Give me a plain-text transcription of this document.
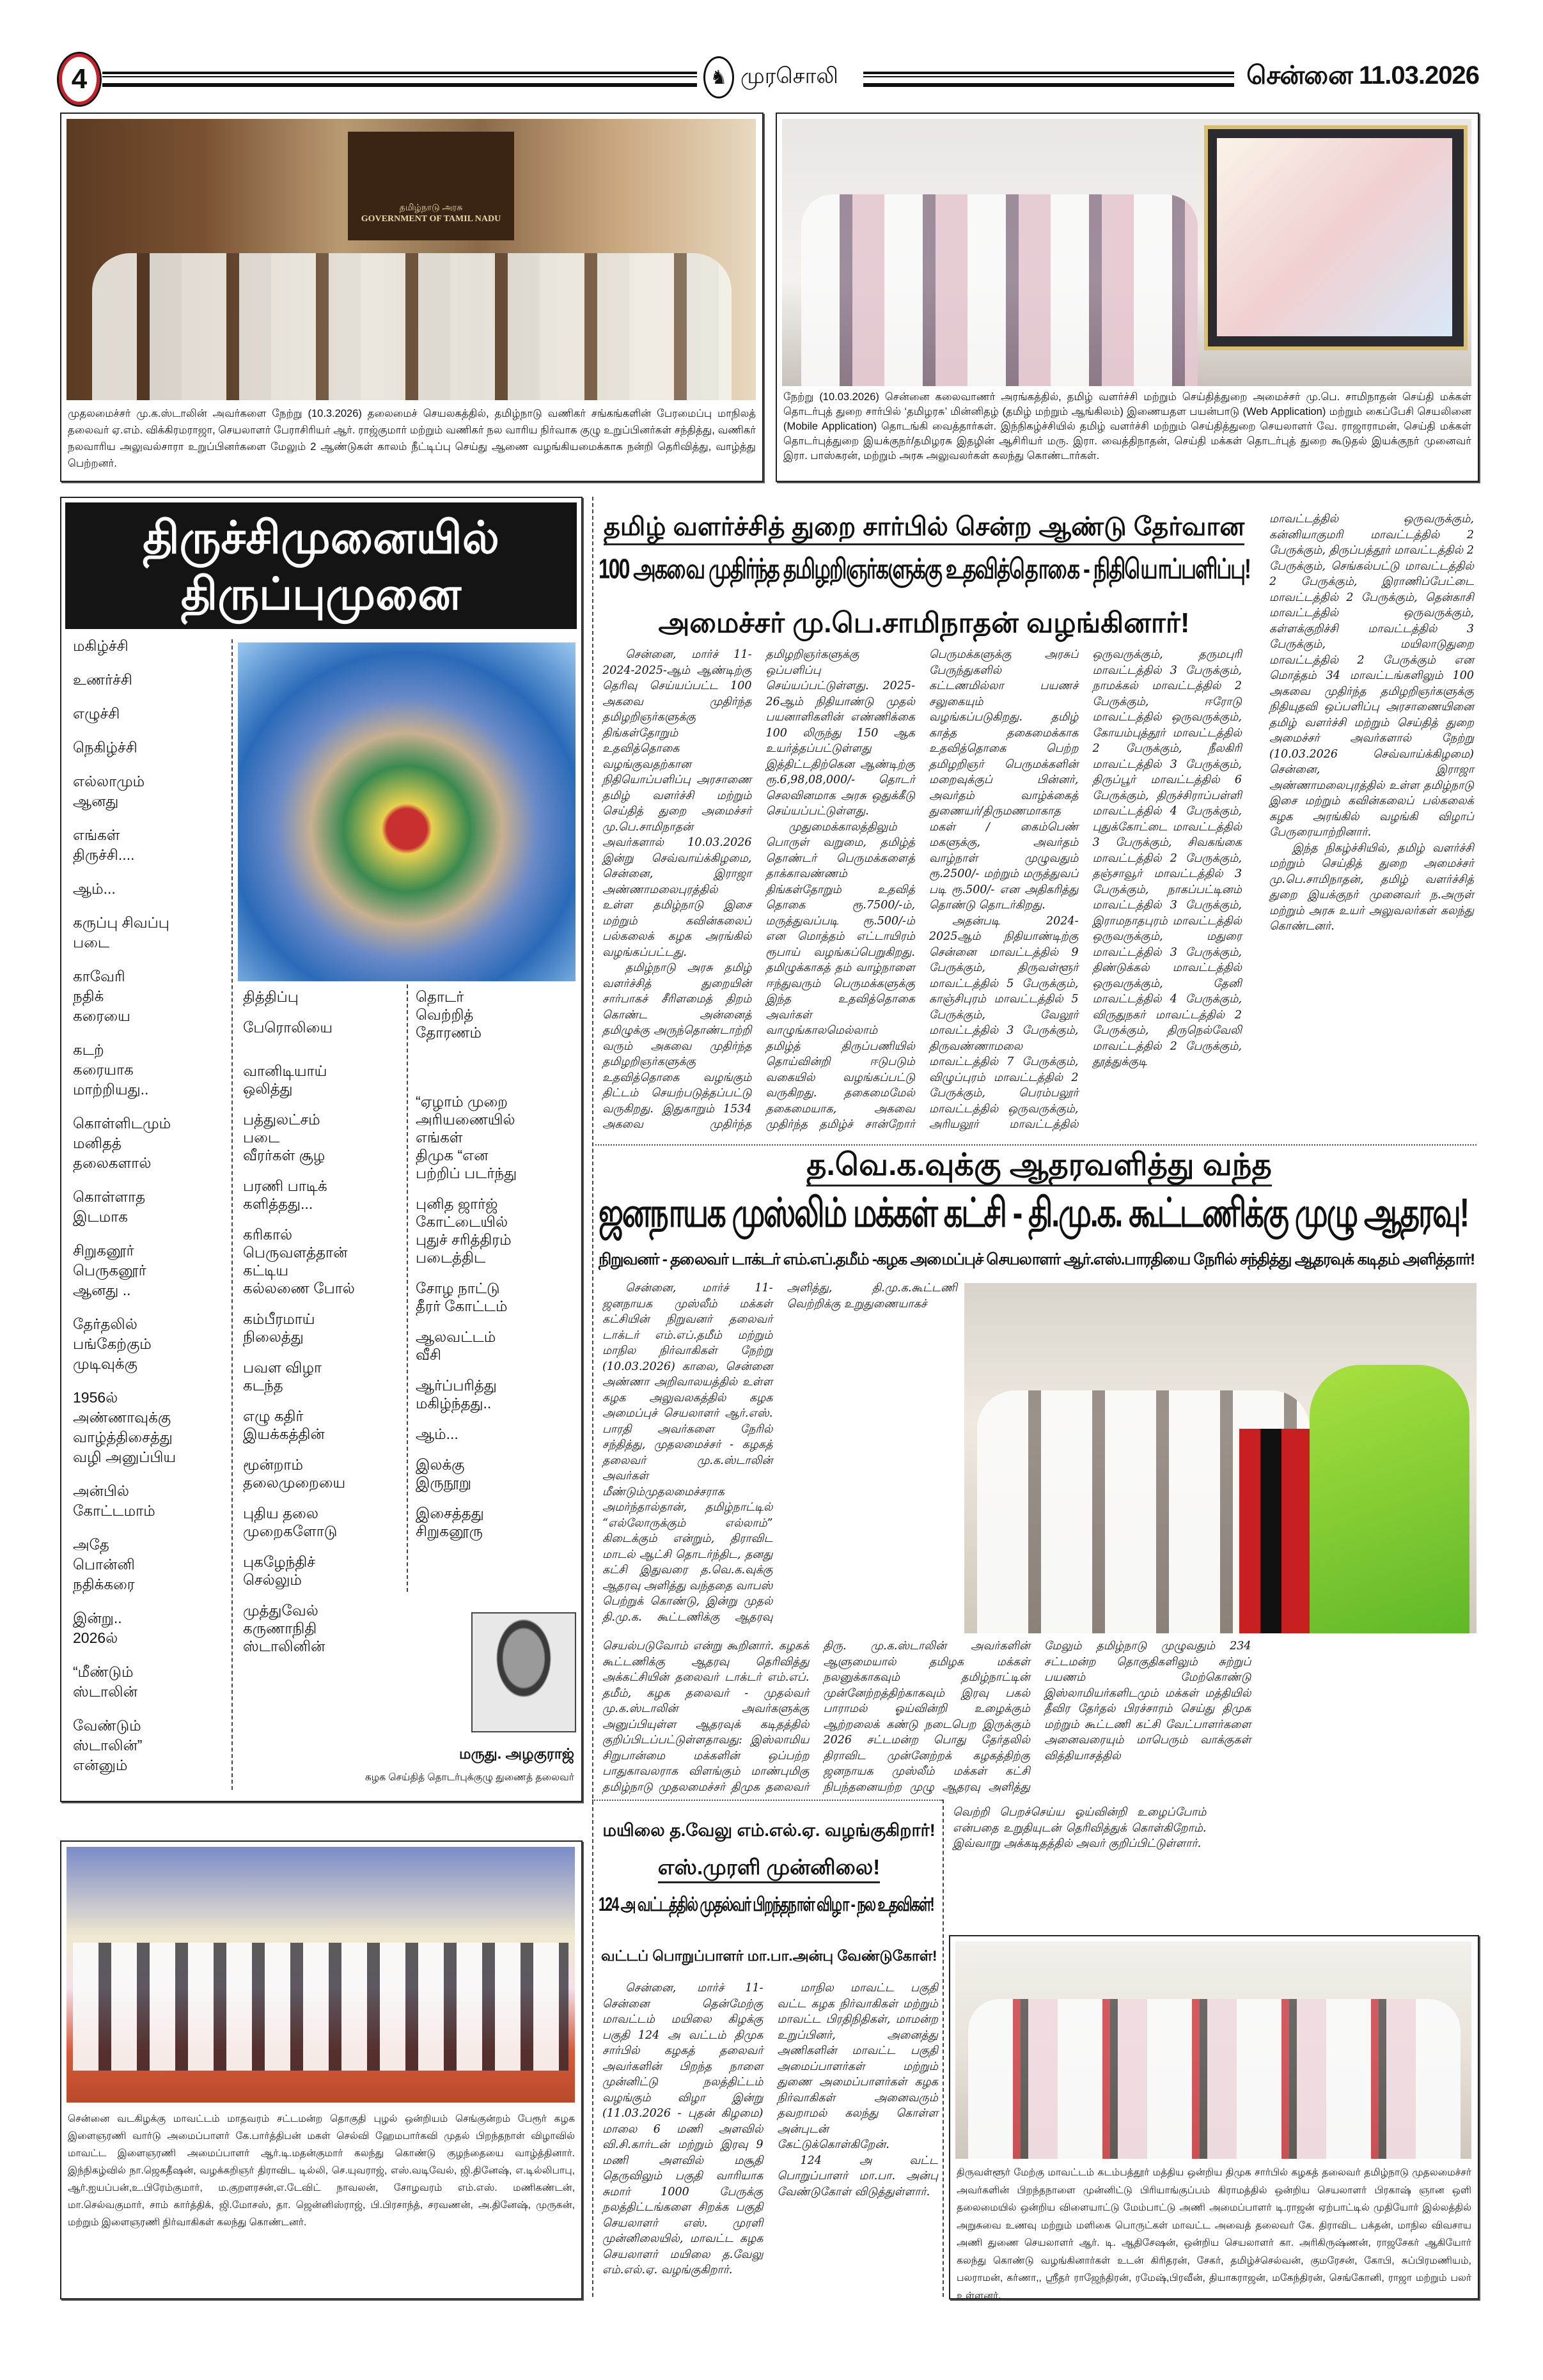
4	♞ முரசொலி	சென்னை 11.03.2026
தமிழ்நாடு அரசு
GOVERNMENT OF TAMIL NADU
முதலமைச்சர் மு.க.ஸ்டாலின் அவர்களை நேற்று (10.3.2026) தலைமைச் செயலகத்தில், தமிழ்நாடு வணிகர் சங்கங்களின் பேரமைப்பு மாநிலத் தலைவர் ஏ.எம். விக்கிரமராஜா, செயலாளர் பேராசிரியர் ஆர். ராஜ்குமார் மற்றும் வணிகர் நல வாரிய நிர்வாக குழு உறுப்பினர்கள் சந்தித்து, வணிகர் நலவாரிய அலுவல்சாரா உறுப்பினர்களை மேலும் 2 ஆண்டுகள் காலம் நீட்டிப்பு செய்து ஆணை வழங்கியமைக்காக நன்றி தெரிவித்து, வாழ்த்து பெற்றனர்.
நேற்று (10.03.2026) சென்னை கலைவாணர் அரங்கத்தில், தமிழ் வளர்ச்சி மற்றும் செய்தித்துறை அமைச்சர் மு.பெ. சாமிநாதன் செய்தி மக்கள் தொடர்புத் துறை சார்பில் ‘தமிழரசு’ மின்னிதழ் (தமிழ் மற்றும் ஆங்கிலம்) இணையதள பயன்பாடு (Web Application) மற்றும் கைப்பேசி செயலினை (Mobile Application) தொடங்கி வைத்தார்கள். இந்நிகழ்ச்சியில் தமிழ் வளர்ச்சி மற்றும் செய்தித்துறை செயலாளர் வே. ராஜாராமன், செய்தி மக்கள் தொடர்புத்துறை இயக்குநர்/தமிழரசு இதழின் ஆசிரியர் மரு. இரா. வைத்திநாதன், செய்தி மக்கள் தொடர்புத் துறை கூடுதல் இயக்குநர் முனைவர் இரா. பாஸ்கரன், மற்றும் அரசு அலுவலர்கள் கலந்து கொண்டார்கள்.
திருச்சிமுனையில்
திருப்புமுனை

மகிழ்ச்சி

உணர்ச்சி

எழுச்சி

நெகிழ்ச்சி

எல்லாமும்
ஆனது

எங்கள்
திருச்சி....

ஆம்...

கருப்பு சிவப்பு
படை

காவேரி
நதிக்
கரையை

கடற்
கரையாக
மாற்றியது..

கொள்ளிடமும்
மனிதத்
தலைகளால்

கொள்ளாத
இடமாக

சிறுகனூர்
பெருகனூர்
ஆனது ..

தேர்தலில்
பங்கேற்கும்
முடிவுக்கு

1956ல்
அண்ணாவுக்கு
வாழ்த்திசைத்து
வழி அனுப்பிய

அன்பில்
கோட்டமாம்

அதே
பொன்னி
நதிக்கரை

இன்று..
2026ல்

“மீண்டும்
ஸ்டாலின்

வேண்டும்
ஸ்டாலின்”
என்னும்

தித்திப்பு

பேரொலியை

வானிடியாய்
ஒலித்து

பத்துலட்சம்
படை
வீரர்கள் சூழ

பரணி பாடிக்
களித்தது...

கரிகால்
பெருவளத்தான்
கட்டிய
கல்லணை போல்

கம்பீரமாய்
நிலைத்து

பவள விழா
கடந்த

எழு கதிர்
இயக்கத்தின்

மூன்றாம்
தலைமுறையை

புதிய தலை
முறைகளோடு

புகழேந்திச்
செல்லும்

முத்துவேல்
கருணாநிதி
ஸ்டாலினின்

தொடர்
வெற்றித்
தோரணம்

“ஏழாம் முறை
அரியணையில்
எங்கள்
திமுக “என
பற்றிப் படர்ந்து

புனித ஜார்ஜ்
கோட்டையில்
புதுச் சரித்திரம்
படைத்திட

சோழ நாட்டு
தீரர் கோட்டம்

ஆலவட்டம்
வீசி

ஆர்ப்பரித்து
மகிழ்ந்தது..

ஆம்...

இலக்கு
இருநூறு

இசைத்தது
சிறுகனூரு

மருது. அழகுராஜ்
கழக செய்தித் தொடர்புக்குழு துணைத் தலைவர்
தமிழ் வளர்ச்சித் துறை சார்பில் சென்ற ஆண்டு தேர்வான
100 அகவை முதிர்ந்த தமிழறிஞர்களுக்கு உதவித்தொகை - நிதியொப்பளிப்பு!
அமைச்சர் மு.பெ.சாமிநாதன் வழங்கினார்!

சென்னை, மார்ச் 11- 2024-2025-ஆம் ஆண்டிற்கு தெரிவு செய்யப்பட்ட 100 அகவை முதிர்ந்த தமிழறிஞர்களுக்கு திங்கள்தோறும் உதவித்தொகை வழங்குவதற்கான நிதியொப்பளிப்பு அரசாணை தமிழ் வளர்ச்சி மற்றும் செய்தித் துறை அமைச்சர் மு.பெ.சாமிநாதன் அவர்களால் 10.03.2026 இன்று செவ்வாய்க்கிழமை, சென்னை, இராஜா அண்ணாமலைபுரத்தில் உள்ள தமிழ்நாடு இசை மற்றும் கவின்கலைப் பல்கலைக் கழக அரங்கில் வழங்கப்பட்டது.

தமிழ்நாடு அரசு தமிழ் வளர்ச்சித் துறையின் சார்பாகச் சீரிளமைத் திறம் கொண்ட அன்னைத் தமிழுக்கு அருந்தொண்டாற்றி வரும் அகவை முதிர்ந்த தமிழறிஞர்களுக்கு உதவித்தொகை வழங்கும் திட்டம் செயற்படுத்தப்பட்டு வருகிறது. இதுகாறும் 1534 அகவை முதிர்ந்த தமிழறிஞர்களுக்கு ஒப்பளிப்பு செய்யப்பட்டுள்ளது. 2025-26ஆம் நிதியாண்டு முதல் பயனாளிகளின் எண்ணிக்கை 100 லிருந்து 150 ஆக உயர்த்தப்பட்டுள்ளது இத்திட்டதிற்கென ஆண்டிற்கு ரூ.6,98,08,000/- தொடர் செலவினமாக அரசு ஒதுக்கீடு செய்யப்பட்டுள்ளது.

முதுமைக்காலத்திலும் பொருள் வறுமை, தமிழ்த் தொண்டர் பெருமக்களைத் தாக்காவண்ணம் திங்கள்தோறும் உதவித் தொகை ரூ.7500/-ம், மருத்துவப்படி ரூ.500/-ம் என மொத்தம் எட்டாயிரம் ரூபாய் வழங்கப்பெறுகிறது. தமிழுக்காகத் தம் வாழ்நாளை ஈந்துவரும் பெருமக்களுக்கு இந்த உதவித்தொகை அவர்கள் வாழுங்காலமெல்லாம் தமிழ்த் திருப்பணியில் தொய்வின்றி ஈடுபடும் வகையில் வழங்கப்பட்டு வருகிறது. தகைமைமேல் தகைமையாக, அகவை முதிர்ந்த தமிழ்ச் சான்றோர் பெருமக்களுக்கு அரசுப் பேருந்துகளில் கட்டணமில்லா பயணச் சலுகையும் வழங்கப்படுகிறது. தமிழ் காத்த தகைமைக்காக உதவித்தொகை பெற்ற தமிழறிஞர் பெருமக்களின் மறைவுக்குப் பின்னர், அவர்தம் வாழ்க்கைத் துணையர்/திருமணமாகாத மகள் / கைம்பெண் மகளுக்கு, அவர்தம் வாழ்நாள் முழுவதும் ரூ.2500/- மற்றும் மருத்துவப் படி ரூ.500/- என அதிகரித்து தொண்டு தொடர்கிறது.

அதன்படி 2024-2025ஆம் நிதியாண்டிற்கு சென்னை மாவட்டத்தில் 9 பேருக்கும், திருவள்ளூர் மாவட்டத்தில் 5 பேருக்கும், காஞ்சிபுரம் மாவட்டத்தில் 5 பேருக்கும், வேலூர் மாவட்டத்தில் 3 பேருக்கும், திருவண்ணாமலை மாவட்டத்தில் 7 பேருக்கும், விழுப்புரம் மாவட்டத்தில் 2 பேருக்கும், பெரம்பலூர் மாவட்டத்தில் ஒருவருக்கும், அரியலூர் மாவட்டத்தில் ஒருவருக்கும், தருமபுரி மாவட்டத்தில் 3 பேருக்கும், நாமக்கல் மாவட்டத்தில் 2 பேருக்கும், ஈரோடு மாவட்டத்தில் ஒருவருக்கும், கோயம்புத்தூர் மாவட்டத்தில் 2 பேருக்கும், நீலகிரி மாவட்டத்தில் 3 பேருக்கும், திருப்பூர் மாவட்டத்தில் 6 பேருக்கும், திருச்சிராப்பள்ளி மாவட்டத்தில் 4 பேருக்கும், புதுக்கோட்டை மாவட்டத்தில் 3 பேருக்கும், சிவகங்கை மாவட்டத்தில் 2 பேருக்கும், தஞ்சாவூர் மாவட்டத்தில் 3 பேருக்கும், நாகப்பட்டினம் மாவட்டத்தில் 3 பேருக்கும், இராமநாதபுரம் மாவட்டத்தில் ஒருவருக்கும், மதுரை மாவட்டத்தில் 3 பேருக்கும், திண்டுக்கல் மாவட்டத்தில் ஒருவருக்கும், தேனி மாவட்டத்தில் 4 பேருக்கும், விருதுநகர் மாவட்டத்தில் 2 பேருக்கும், திருநெல்வேலி மாவட்டத்தில் 2 பேருக்கும், தூத்துக்குடி

மாவட்டத்தில் ஒருவருக்கும், கன்னியாகுமரி மாவட்டத்தில் 2 பேருக்கும், திருப்பத்தூர் மாவட்டத்தில் 2 பேருக்கும், செங்கல்பட்டு மாவட்டத்தில் 2 பேருக்கும், இராணிப்பேட்டை மாவட்டத்தில் 2 பேருக்கும், தென்காசி மாவட்டத்தில் ஒருவருக்கும், கள்ளக்குறிச்சி மாவட்டத்தில் 3 பேருக்கும், மயிலாடுதுறை மாவட்டத்தில் 2 பேருக்கும் என மொத்தம் 34 மாவட்டங்களிலும் 100 அகவை முதிர்ந்த தமிழறிஞர்களுக்கு நிதியுதவி ஒப்பளிப்பு அரசாணையினை தமிழ் வளர்ச்சி மற்றும் செய்தித் துறை அமைச்சர் அவர்களால் நேற்று (10.03.2026 செவ்வாய்க்கிழமை) சென்னை, இராஜா அண்ணாமலைபுரத்தில் உள்ள தமிழ்நாடு இசை மற்றும் கவின்கலைப் பல்கலைக் கழக அரங்கில் வழங்கி விழாப் பேருரையாற்றினார்.

இந்த நிகழ்ச்சியில், தமிழ் வளர்ச்சி மற்றும் செய்தித் துறை அமைச்சர் மு.பெ.சாமிநாதன், தமிழ் வளர்ச்சித் துறை இயக்குநர் முனைவர் ந.அருள் மற்றும் அரசு உயர் அலுவலர்கள் கலந்து கொண்டனர்.

த.வெ.க.வுக்கு ஆதரவளித்து வந்த
ஜனநாயக முஸ்லிம் மக்கள் கட்சி - தி.மு.க. கூட்டணிக்கு முழு ஆதரவு!
நிறுவனர் - தலைவர் டாக்டர் எம்.எப்.தமீம் -கழக அமைப்புச் செயலாளர் ஆர்.எஸ்.பாரதியை நேரில் சந்தித்து ஆதரவுக் கடிதம் அளித்தார்!

சென்னை, மார்ச் 11- ஜனநாயக முஸ்லீம் மக்கள் கட்சியின் நிறுவனர் தலைவர் டாக்டர் எம்.எப்.தமீம் மற்றும் மாநில நிர்வாகிகள் நேற்று (10.03.2026) காலை, சென்னை அண்ணா அறிவாலயத்தில் உள்ள கழக அலுவலகத்தில் கழக அமைப்புச் செயலாளர் ஆர்.எஸ். பாரதி அவர்களை நேரில் சந்தித்து, முதலமைச்சர் - கழகத் தலைவர் மு.க.ஸ்டாலின் அவர்கள் மீண்டும்முதலமைச்சராக அமர்ந்தால்தான், தமிழ்நாட்டில் “எல்லோருக்கும் எல்லாம்” கிடைக்கும் என்றும், திராவிட மாடல் ஆட்சி தொடர்ந்திட, தனது கட்சி இதுவரை த.வெ.க.வுக்கு ஆதரவு அளித்து வந்ததை வாபஸ் பெற்றுக் கொண்டு, இன்று முதல் தி.மு.க. கூட்டணிக்கு ஆதரவு அளித்து, தி.மு.க.கூட்டணி வெற்றிக்கு உறுதுணையாகச்

செயல்படுவோம் என்று கூறினார். கழகக் கூட்டணிக்கு ஆதரவு தெரிவித்து அக்கட்சியின் தலைவர் டாக்டர் எம்.எப். தமீம், கழக தலைவர் - முதல்வர் மு.க.ஸ்டாலின் அவர்களுக்கு அனுப்பியுள்ள ஆதரவுக் கடிதத்தில் குறிப்பிடப்பட்டுள்ளதாவது: இஸ்லாமிய சிறுபான்மை மக்களின் ஒப்பற்ற பாதுகாவலராக விளங்கும் மாண்புமிகு தமிழ்நாடு முதலமைச்சர் திமுக தலைவர் திரு. மு.க.ஸ்டாலின் அவர்களின் ஆளுமையால் தமிழக மக்கள் நலனுக்காகவும் தமிழ்நாட்டின் முன்னேற்றத்திற்காகவும் இரவு பகல் பாராமல் ஓய்வின்றி உழைக்கும் ஆற்றலைக் கண்டு நடைபெற இருக்கும் 2026 சட்டமன்ற பொது தேர்தலில் திராவிட முன்னேற்றக் கழகத்திற்கு ஜனநாயக முஸ்லீம் மக்கள் கட்சி நிபந்தனையற்ற முழு ஆதரவு அளித்து மேலும் தமிழ்நாடு முழுவதும் 234 சட்டமன்ற தொகுதிகளிலும் சுற்றுப் பயணம் மேற்கொண்டு இஸ்லாமியர்களிடமும் மக்கள் மத்தியில் தீவிர தேர்தல் பிரச்சாரம் செய்து திமுக மற்றும் கூட்டணி கட்சி வேட்பாளர்களை அனைவரையும் மாபெரும் வாக்குகள் வித்தியாசத்தில்

வெற்றி பெறச்செய்ய ஓய்வின்றி உழைப்போம் என்பதை உறுதியுடன் தெரிவித்துக் கொள்கிறோம். இவ்வாறு அக்கடிதத்தில் அவர் குறிப்பிட்டுள்ளார்.

சென்னை வடகிழக்கு மாவட்டம் மாதவரம் சட்டமன்ற தொகுதி புழல் ஒன்றியம் செங்குன்றம் பேரூர் கழக இளைஞரணி வார்டு அமைப்பாளர் கே.பார்த்திபன் மகள் செல்வி ஹேமபார்கவி முதல் பிறந்தநாள் விழாவில் மாவட்ட இளைஞரணி அமைப்பாளர் ஆர்.டி.மதன்குமார் கலந்து கொண்டு குழந்தையை வாழ்த்தினார். இந்நிகழ்வில் நா.ஜெகதீஷன், வழக்கறிஞர் திராவிட டில்லி, செ.யுவராஜ், எஸ்.வடிவேல், ஜி.தினேஷ், எ.டில்லிபாபு, ஆர்.ஐயப்பன்,உ.பிரேம்குமார், ம.குறளரசன்,எ.டேவிட் நாவலன், சோழவரம் எம்.எஸ். மணிகண்டன், மா.செல்வகுமார், சாம் கார்த்திக், ஜி.மோசஸ், தா. ஜென்னிஸ்ராஜ், பி.பிரசாந்த், சரவணன், அ.தினேஷ், முருகன், மற்றும் இளைஞரணி நிர்வாகிகள் கலந்து கொண்டனர்.
மயிலை த.வேலு எம்.எல்.ஏ. வழங்குகிறார்!
எஸ்.முரளி முன்னிலை!
124 அ வட்டத்தில் முதல்வர் பிறந்தநாள் விழா - நல உதவிகள்!
வட்டப் பொறுப்பாளர் மா.பா.அன்பு வேண்டுகோள்!

சென்னை, மார்ச் 11- சென்னை தென்மேற்கு மாவட்டம் மயிலை கிழக்கு பகுதி 124 அ வட்டம் திமுக சார்பில் கழகத் தலைவர் அவர்களின் பிறந்த நாளை முன்னிட்டு நலத்திட்டம் வழங்கும் விழா இன்று (11.03.2026 - புதன் கிழமை) மாலை 6 மணி அளவில் வி.சி.கார்டன் மற்றும் இரவு 9 மணி அளவில் மசூதி தெருவிலும் பகுதி வாரியாக சுமார் 1000 பேருக்கு நலத்திட்டங்களை சிறக்க பகுதி செயலாளர் எஸ். முரளி முன்னிலையில், மாவட்ட கழக செயலாளர் மயிலை த.வேலு எம்.எல்.ஏ. வழங்குகிறார்.

மாநில மாவட்ட பகுதி வட்ட கழக நிர்வாகிகள் மற்றும் மாவட்ட பிரதிநிதிகள், மாமன்ற உறுப்பினர், அனைத்து அணிகளின் மாவட்ட பகுதி அமைப்பாளர்கள் மற்றும் துணை அமைப்பாளர்கள் கழக நிர்வாகிகள் அனைவரும் தவறாமல் கலந்து கொள்ள அன்புடன் கேட்டுக்கொள்கிறேன்.

124 அ வட்ட பொறுப்பாளர் மா.பா. அன்பு வேண்டுகோள் விடுத்துள்ளார்.

திருவள்ளூர் மேற்கு மாவட்டம் கடம்பத்தூர் மத்திய ஒன்றிய திமுக சார்பில் கழகத் தலைவர் தமிழ்நாடு முதலமைச்சர் அவர்களின் பிறந்தநாளை முன்னிட்டு பிரியாங்குப்பம் கிராமத்தில் ஒன்றிய செயலாளர் பிரகாஷ் ஞான ஒளி தலைமையில் ஒன்றிய விளையாட்டு மேம்பாட்டு அணி அமைப்பாளர் டி.ராஜன் ஏற்பாட்டில் முதியோர் இல்லத்தில் அறுசுவை உணவு மற்றும் மளிகை பொருட்கள் மாவட்ட அவைத் தலைவர் கே. திராவிட பக்தன், மாநில விவசாய அணி துணை செயலாளர் ஆர். டி. ஆதிசேஷன், ஒன்றிய செயலாளர் கா. அரிகிருஷ்ணன், ராஜசேகர் ஆகியோர் கலந்து கொண்டு வழங்கினார்கள் உடன் கிரிதரன், சேகர், தமிழ்ச்செல்வன், குமரேசன், கோபி, சுப்பிரமணியம், பலராமன், கர்ணா,, ஸ்ரீதர் ராஜேந்திரன், ரமேஷ்,பிரவீன், தியாகராஜன், மகேந்திரன், செங்கோனி, ராஜா மற்றும் பலர் உள்ளனர்.
